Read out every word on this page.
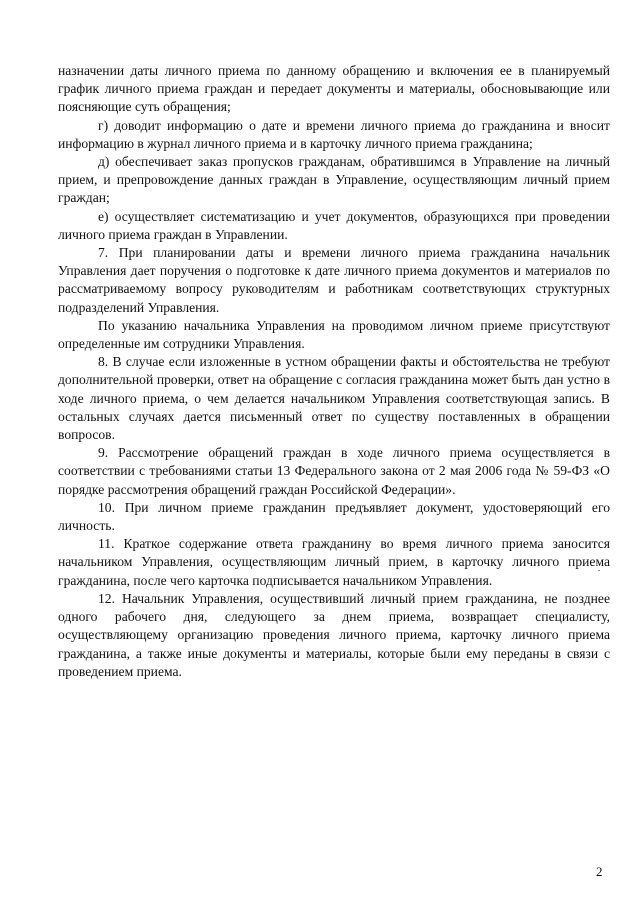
назначении даты личного приема по данному обращению и включения ее в планируемый график личного приема граждан и передает документы и материалы, обосновывающие или поясняющие суть обращения;

г) доводит информацию о дате и времени личного приема до гражданина и вносит информацию в журнал личного приема и в карточку личного приема гражданина;

д) обеспечивает заказ пропусков гражданам, обратившимся в Управление на личный прием, и препровождение данных граждан в Управление, осуществляющим личный прием граждан;

е) осуществляет систематизацию и учет документов, образующихся при проведении личного приема граждан в Управлении.

7. При планировании даты и времени личного приема гражданина начальник Управления дает поручения о подготовке к дате личного приема документов и материалов по рассматриваемому вопросу руководителям и работникам соответствующих структурных подразделений Управления.

По указанию начальника Управления на проводимом личном приеме присутствуют определенные им сотрудники Управления.

8. В случае если изложенные в устном обращении факты и обстоятельства не требуют дополнительной проверки, ответ на обращение с согласия гражданина может быть дан устно в ходе личного приема, о чем делается начальником Управления соответствующая запись. В остальных случаях дается письменный ответ по существу поставленных в обращении вопросов.

9. Рассмотрение обращений граждан в ходе личного приема осуществляется в соответствии с требованиями статьи 13 Федерального закона от 2 мая 2006 года № 59-ФЗ «О порядке рассмотрения обращений граждан Российской Федерации».

10. При личном приеме гражданин предъявляет документ, удостоверяющий его личность.

11. Краткое содержание ответа гражданину во время личного приема заносится начальником Управления, осуществляющим личный прием, в карточку личного приема гражданина, после чего карточка подписывается начальником Управления.

12. Начальник Управления, осуществивший личный прием гражданина, не позднее одного рабочего дня, следующего за днем приема, возвращает специалисту, осуществляющему организацию проведения личного приема, карточку личного приема гражданина, а также иные документы и материалы, которые были ему переданы в связи с проведением приема.

2
